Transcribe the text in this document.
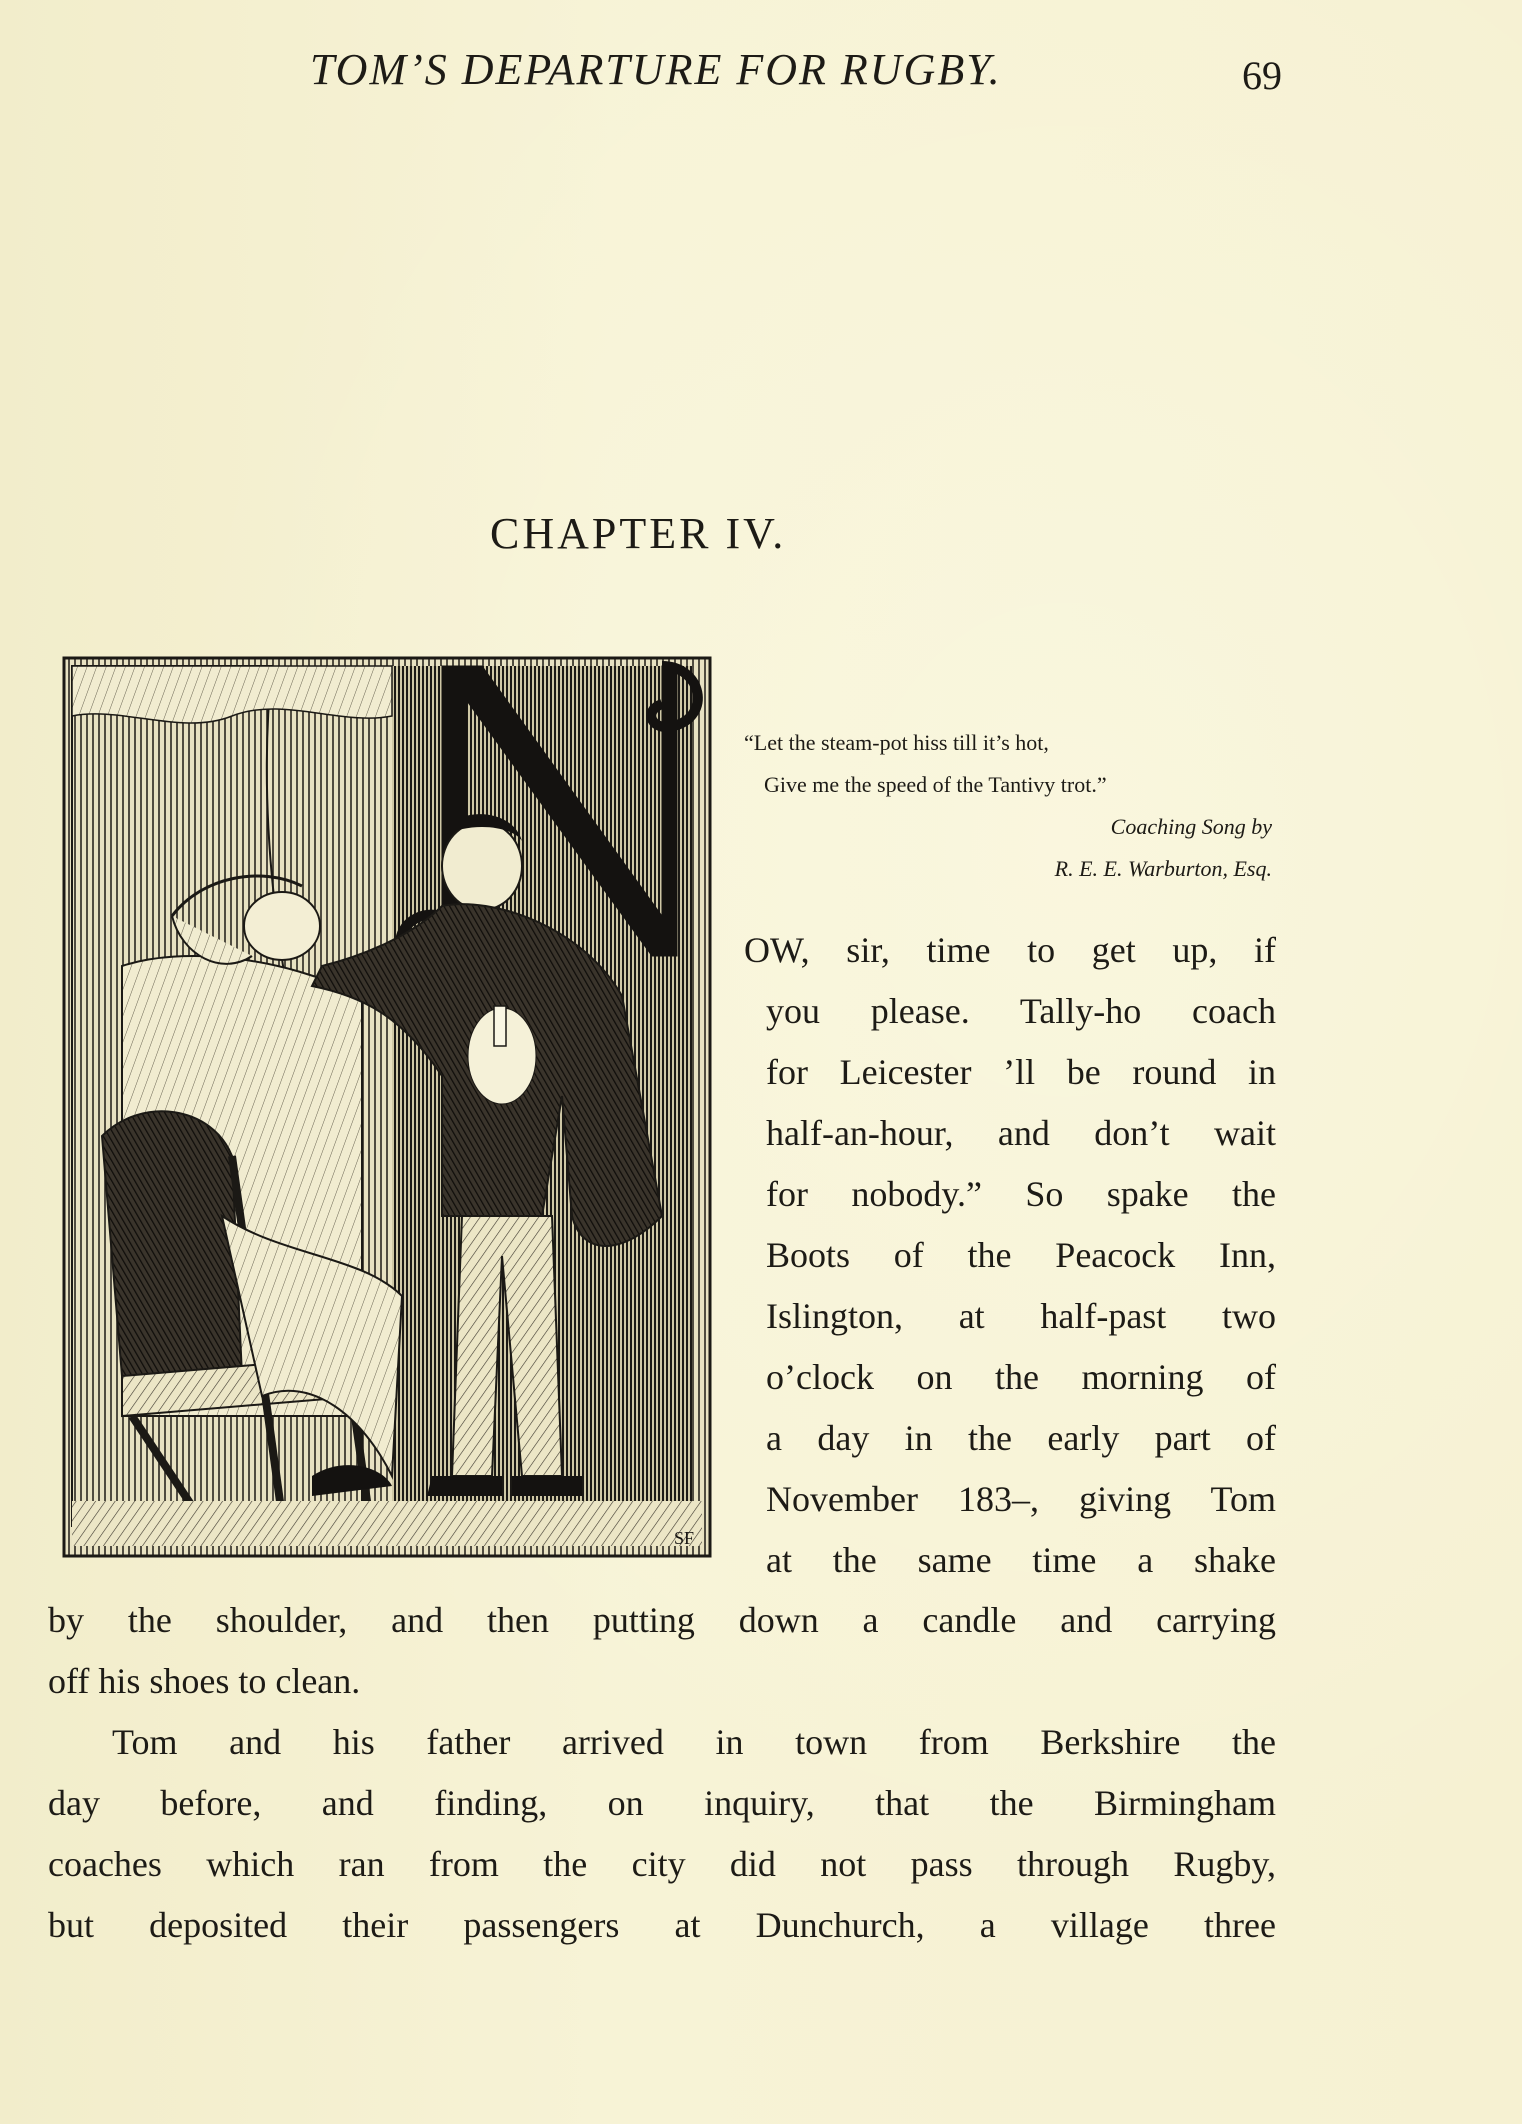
TOM’S DEPARTURE FOR RUGBY.	69
CHAPTER IV.
SF
“Let the steam-pot hiss till it’s hot,
Give me the speed of the Tantivy trot.”
Coaching Song by
R. E. E. Warburton, Esq.
OW, sir, time to get up, if
you please. Tally-ho coach
for Leicester ’ll be round in
half-an-hour, and don’t wait
for nobody.” So spake the
Boots of the Peacock Inn,
Islington, at half-past two
o’clock on the morning of
a day in the early part of
November 183–, giving Tom
at the same time a shake
by the shoulder, and then putting down a candle and carrying
off his shoes to clean.
Tom and his father arrived in town from Berkshire the
day before, and finding, on inquiry, that the Birmingham
coaches which ran from the city did not pass through Rugby,
but deposited their passengers at Dunchurch, a village three
